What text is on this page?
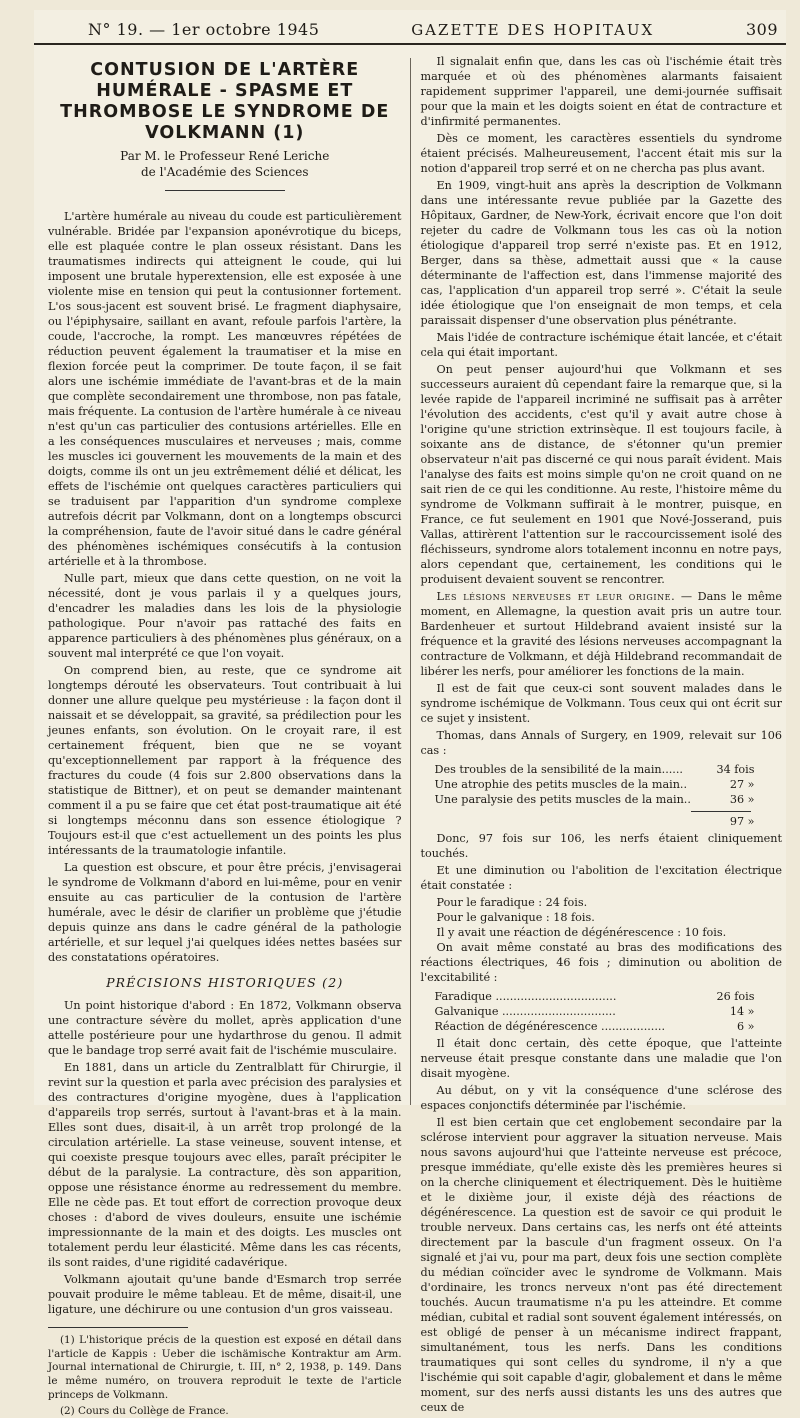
N° 19. — 1er octobre 1945	GAZETTE DES HOPITAUX	309
CONTUSION DE L'ARTÈRE HUMÉRALE - SPASME ET THROMBOSE LE SYNDROME DE VOLKMANN (1)
Par M. le Professeur René Leriche
de l'Académie des Sciences

L'artère humérale au niveau du coude est particulièrement vulnérable. Bridée par l'expansion aponévrotique du biceps, elle est plaquée contre le plan osseux résistant. Dans les traumatismes indirects qui atteignent le coude, qui lui imposent une brutale hyperextension, elle est exposée à une violente mise en tension qui peut la contusionner fortement. L'os sous-jacent est souvent brisé. Le fragment diaphysaire, ou l'épiphysaire, saillant en avant, refoule parfois l'artère, la coude, l'accroche, la rompt. Les manœuvres répétées de réduction peuvent également la traumatiser et la mise en flexion forcée peut la comprimer. De toute façon, il se fait alors une ischémie immédiate de l'avant-bras et de la main que complète secondairement une thrombose, non pas fatale, mais fréquente. La contusion de l'artère humérale à ce niveau n'est qu'un cas particulier des contusions artérielles. Elle en a les conséquences musculaires et nerveuses ; mais, comme les muscles ici gouvernent les mouvements de la main et des doigts, comme ils ont un jeu extrêmement délié et délicat, les effets de l'ischémie ont quelques caractères particuliers qui se traduisent par l'apparition d'un syndrome complexe autrefois décrit par Volkmann, dont on a longtemps obscurci la compréhension, faute de l'avoir situé dans le cadre général des phénomènes ischémiques consécutifs à la contusion artérielle et à la thrombose.

Nulle part, mieux que dans cette question, on ne voit la nécessité, dont je vous parlais il y a quelques jours, d'encadrer les maladies dans les lois de la physiologie pathologique. Pour n'avoir pas rattaché des faits en apparence particuliers à des phénomènes plus généraux, on a souvent mal interprété ce que l'on voyait.

On comprend bien, au reste, que ce syndrome ait longtemps dérouté les observateurs. Tout contribuait à lui donner une allure quelque peu mystérieuse : la façon dont il naissait et se développait, sa gravité, sa prédilection pour les jeunes enfants, son évolution. On le croyait rare, il est certainement fréquent, bien que ne se voyant qu'exceptionnellement par rapport à la fréquence des fractures du coude (4 fois sur 2.800 observations dans la statistique de Bittner), et on peut se demander maintenant comment il a pu se faire que cet état post-traumatique ait été si longtemps méconnu dans son essence étiologique ? Toujours est-il que c'est actuellement un des points les plus intéressants de la traumatologie infantile.

La question est obscure, et pour être précis, j'envisagerai le syndrome de Volkmann d'abord en lui-même, pour en venir ensuite au cas particulier de la contusion de l'artère humérale, avec le désir de clarifier un problème que j'étudie depuis quinze ans dans le cadre général de la pathologie artérielle, et sur lequel j'ai quelques idées nettes basées sur des constatations opératoires.

PRÉCISIONS HISTORIQUES (2)

Un point historique d'abord : En 1872, Volkmann observa une contracture sévère du mollet, après application d'une attelle postérieure pour une hydarthrose du genou. Il admit que le bandage trop serré avait fait de l'ischémie musculaire.

En 1881, dans un article du Zentralblatt für Chirurgie, il revint sur la question et parla avec précision des paralysies et des contractures d'origine myogène, dues à l'application d'appareils trop serrés, surtout à l'avant-bras et à la main. Elles sont dues, disait-il, à un arrêt trop prolongé de la circulation artérielle. La stase veineuse, souvent intense, et qui coexiste presque toujours avec elles, paraît précipiter le début de la paralysie. La contracture, dès son apparition, oppose une résistance énorme au redressement du membre. Elle ne cède pas. Et tout effort de correction provoque deux choses : d'abord de vives douleurs, ensuite une ischémie impressionnante de la main et des doigts. Les muscles ont totalement perdu leur élasticité. Même dans les cas récents, ils sont raides, d'une rigidité cadavérique.

Volkmann ajoutait qu'une bande d'Esmarch trop serrée pouvait produire le même tableau. Et de même, disait-il, une ligature, une déchirure ou une contusion d'un gros vaisseau.

(1) L'historique précis de la question est exposé en détail dans l'article de Kappis : Ueber die ischämische Kontraktur am Arm. Journal international de Chirurgie, t. III, n° 2, 1938, p. 149. Dans le même numéro, on trouvera reproduit le texte de l'article princeps de Volkmann.

(2) Cours du Collège de France.

Il signalait enfin que, dans les cas où l'ischémie était très marquée et où des phénomènes alarmants faisaient rapidement supprimer l'appareil, une demi-journée suffisait pour que la main et les doigts soient en état de contracture et d'infirmité permanentes.

Dès ce moment, les caractères essentiels du syndrome étaient précisés. Malheureusement, l'accent était mis sur la notion d'appareil trop serré et on ne chercha pas plus avant.

En 1909, vingt-huit ans après la description de Volkmann dans une intéressante revue publiée par la Gazette des Hôpitaux, Gardner, de New-York, écrivait encore que l'on doit rejeter du cadre de Volkmann tous les cas où la notion étiologique d'appareil trop serré n'existe pas. Et en 1912, Berger, dans sa thèse, admettait aussi que « la cause déterminante de l'affection est, dans l'immense majorité des cas, l'application d'un appareil trop serré ». C'était la seule idée étiologique que l'on enseignait de mon temps, et cela paraissait dispenser d'une observation plus pénétrante.

Mais l'idée de contracture ischémique était lancée, et c'était cela qui était important.

On peut penser aujourd'hui que Volkmann et ses successeurs auraient dû cependant faire la remarque que, si la levée rapide de l'appareil incriminé ne suffisait pas à arrêter l'évolution des accidents, c'est qu'il y avait autre chose à l'origine qu'une striction extrinsèque. Il est toujours facile, à soixante ans de distance, de s'étonner qu'un premier observateur n'ait pas discerné ce qui nous paraît évident. Mais l'analyse des faits est moins simple qu'on ne croit quand on ne sait rien de ce qui les conditionne. Au reste, l'histoire même du syndrome de Volkmann suffirait à le montrer, puisque, en France, ce fut seulement en 1901 que Nové-Josserand, puis Vallas, attirèrent l'attention sur le raccourcissement isolé des fléchisseurs, syndrome alors totalement inconnu en notre pays, alors cependant que, certainement, les conditions qui le produisent devaient souvent se rencontrer.

Les lésions nerveuses et leur origine. — Dans le même moment, en Allemagne, la question avait pris un autre tour. Bardenheuer et surtout Hildebrand avaient insisté sur la fréquence et la gravité des lésions nerveuses accompagnant la contracture de Volkmann, et déjà Hildebrand recommandait de libérer les nerfs, pour améliorer les fonctions de la main.

Il est de fait que ceux-ci sont souvent malades dans le syndrome ischémique de Volkmann. Tous ceux qui ont écrit sur ce sujet y insistent.

Thomas, dans Annals of Surgery, en 1909, relevait sur 106 cas :

Des troubles de la sensibilité de la main......	34 fois
Une atrophie des petits muscles de la main..	27 »
Une paralysie des petits muscles de la main..	36 »
97 »

Donc, 97 fois sur 106, les nerfs étaient cliniquement touchés.

Et une diminution ou l'abolition de l'excitation électrique était constatée :

Pour le faradique : 24 fois.

Pour le galvanique : 18 fois.

Il y avait une réaction de dégénérescence : 10 fois.

On avait même constaté au bras des modifications des réactions électriques, 46 fois ; diminution ou abolition de l'excitabilité :

Faradique ..................................	26 fois
Galvanique ................................	14 »
Réaction de dégénérescence ..................	6 »

Il était donc certain, dès cette époque, que l'atteinte nerveuse était presque constante dans une maladie que l'on disait myogène.

Au début, on y vit la conséquence d'une sclérose des espaces conjonctifs déterminée par l'ischémie.

Il est bien certain que cet englobement secondaire par la sclérose intervient pour aggraver la situation nerveuse. Mais nous savons aujourd'hui que l'atteinte nerveuse est précoce, presque immédiate, qu'elle existe dès les premières heures si on la cherche cliniquement et électriquement. Dès le huitième et le dixième jour, il existe déjà des réactions de dégénérescence. La question est de savoir ce qui produit le trouble nerveux. Dans certains cas, les nerfs ont été atteints directement par la bascule d'un fragment osseux. On l'a signalé et j'ai vu, pour ma part, deux fois une section complète du médian coïncider avec le syndrome de Volkmann. Mais d'ordinaire, les troncs nerveux n'ont pas été directement touchés. Aucun traumatisme n'a pu les atteindre. Et comme médian, cubital et radial sont souvent également intéressés, on est obligé de penser à un mécanisme indirect frappant, simultanément, tous les nerfs. Dans les conditions traumatiques qui sont celles du syndrome, il n'y a que l'ischémie qui soit capable d'agir, globalement et dans le même moment, sur des nerfs aussi distants les uns des autres que ceux de
